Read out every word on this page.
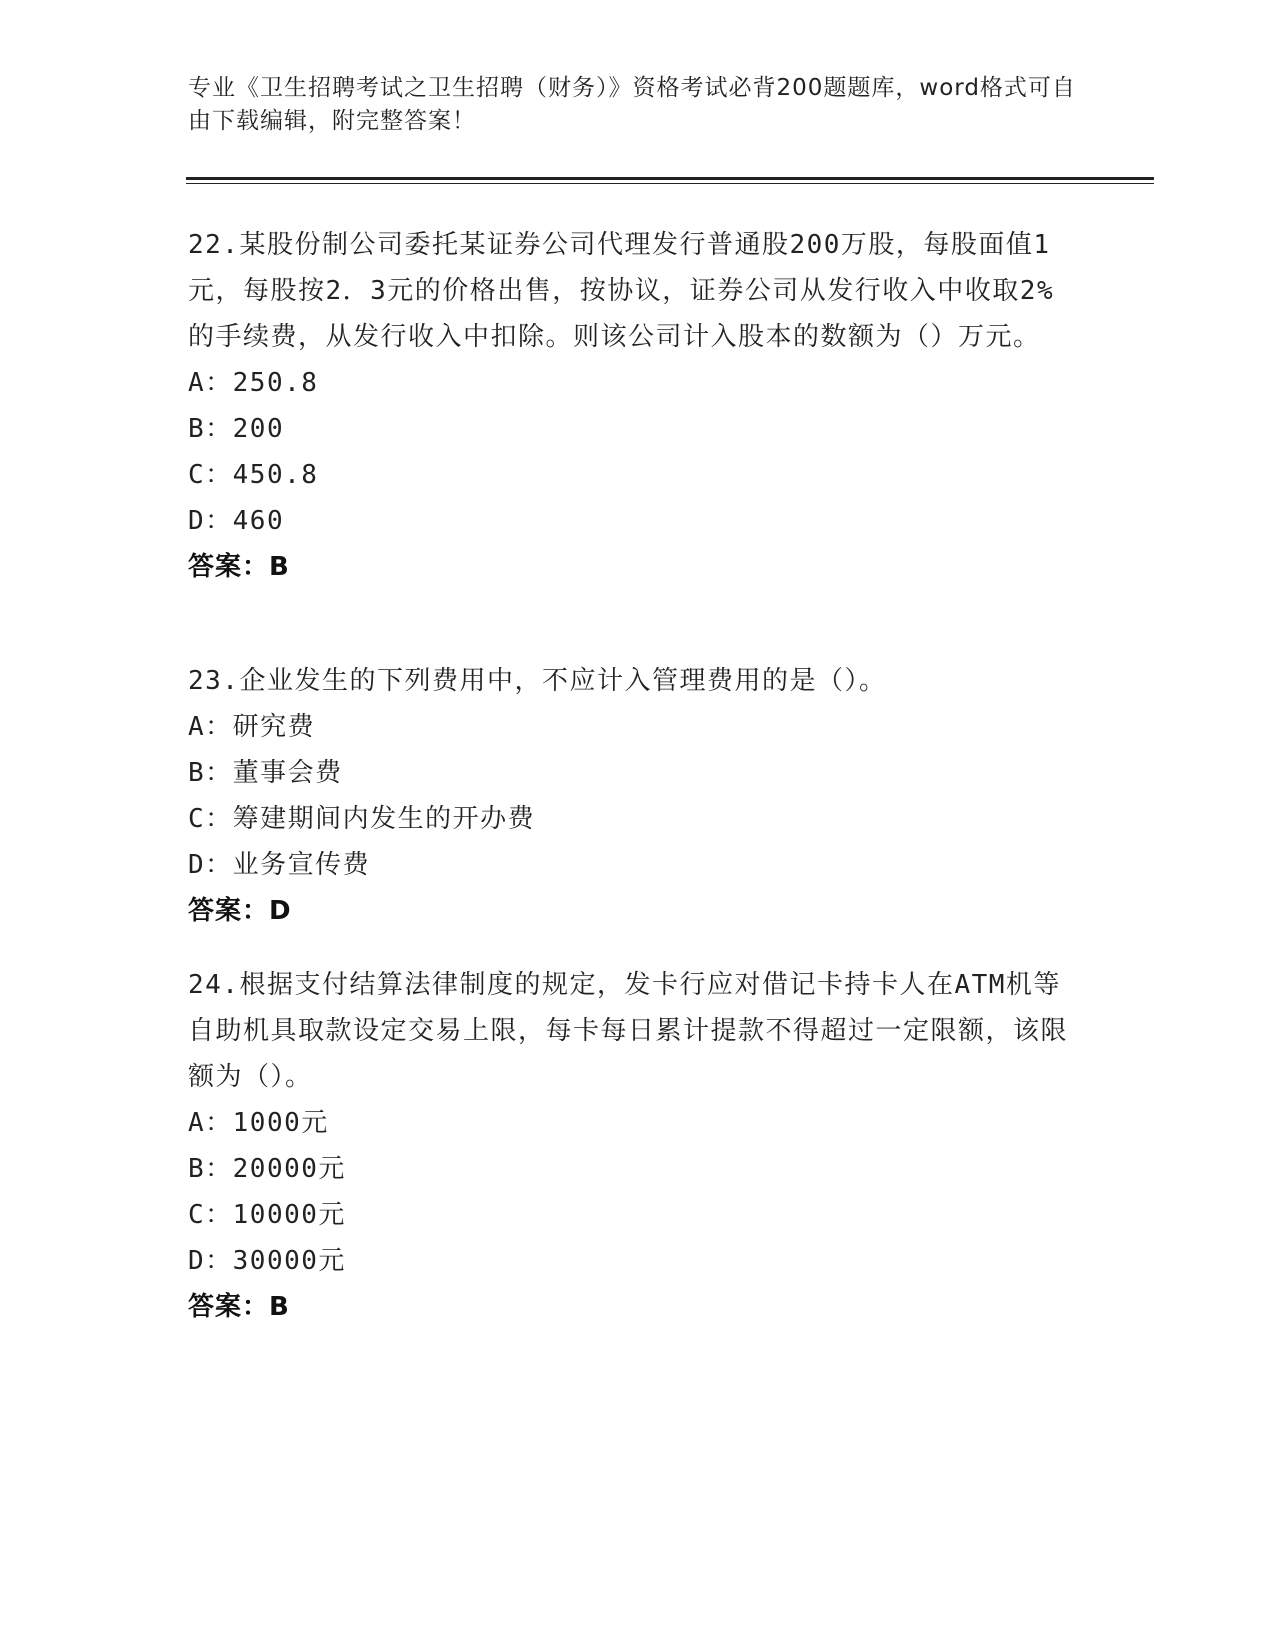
专业《卫生招聘考试之卫生招聘（财务）》资格考试必背200题题库，word格式可自由下载编辑，附完整答案！

22.某股份制公司委托某证券公司代理发行普通股200万股，每股面值1元，每股按2．3元的价格出售，按协议，证券公司从发行收入中收取2%的手续费，从发行收入中扣除。则该公司计入股本的数额为（）万元。

A：250.8
B：200
C：450.8
D：460
答案：B

23.企业发生的下列费用中，不应计入管理费用的是（）。

A：研究费
B：董事会费
C：筹建期间内发生的开办费
D：业务宣传费
答案：D

24.根据支付结算法律制度的规定，发卡行应对借记卡持卡人在ATM机等自助机具取款设定交易上限，每卡每日累计提款不得超过一定限额，该限额为（）。

A：1000元
B：20000元
C：10000元
D：30000元
答案：B
